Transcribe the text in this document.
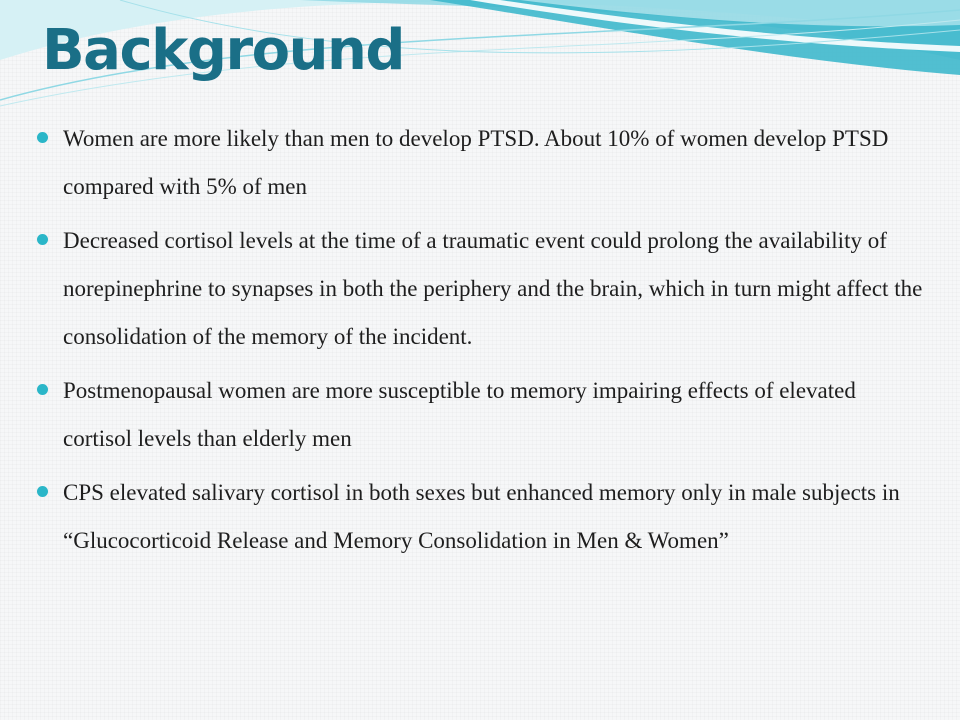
Background
Women are more likely than men to develop PTSD. About 10% of women develop PTSD compared with 5% of men
Decreased cortisol levels at the time of a traumatic event could prolong the availability of norepinephrine to synapses in both the periphery and the brain, which in turn might affect the consolidation of the memory of the incident.
Postmenopausal women are more susceptible to memory impairing effects of elevated cortisol levels than elderly men
CPS elevated salivary cortisol in both sexes but enhanced memory only in male subjects in “Glucocorticoid Release and Memory Consolidation in Men & Women”
